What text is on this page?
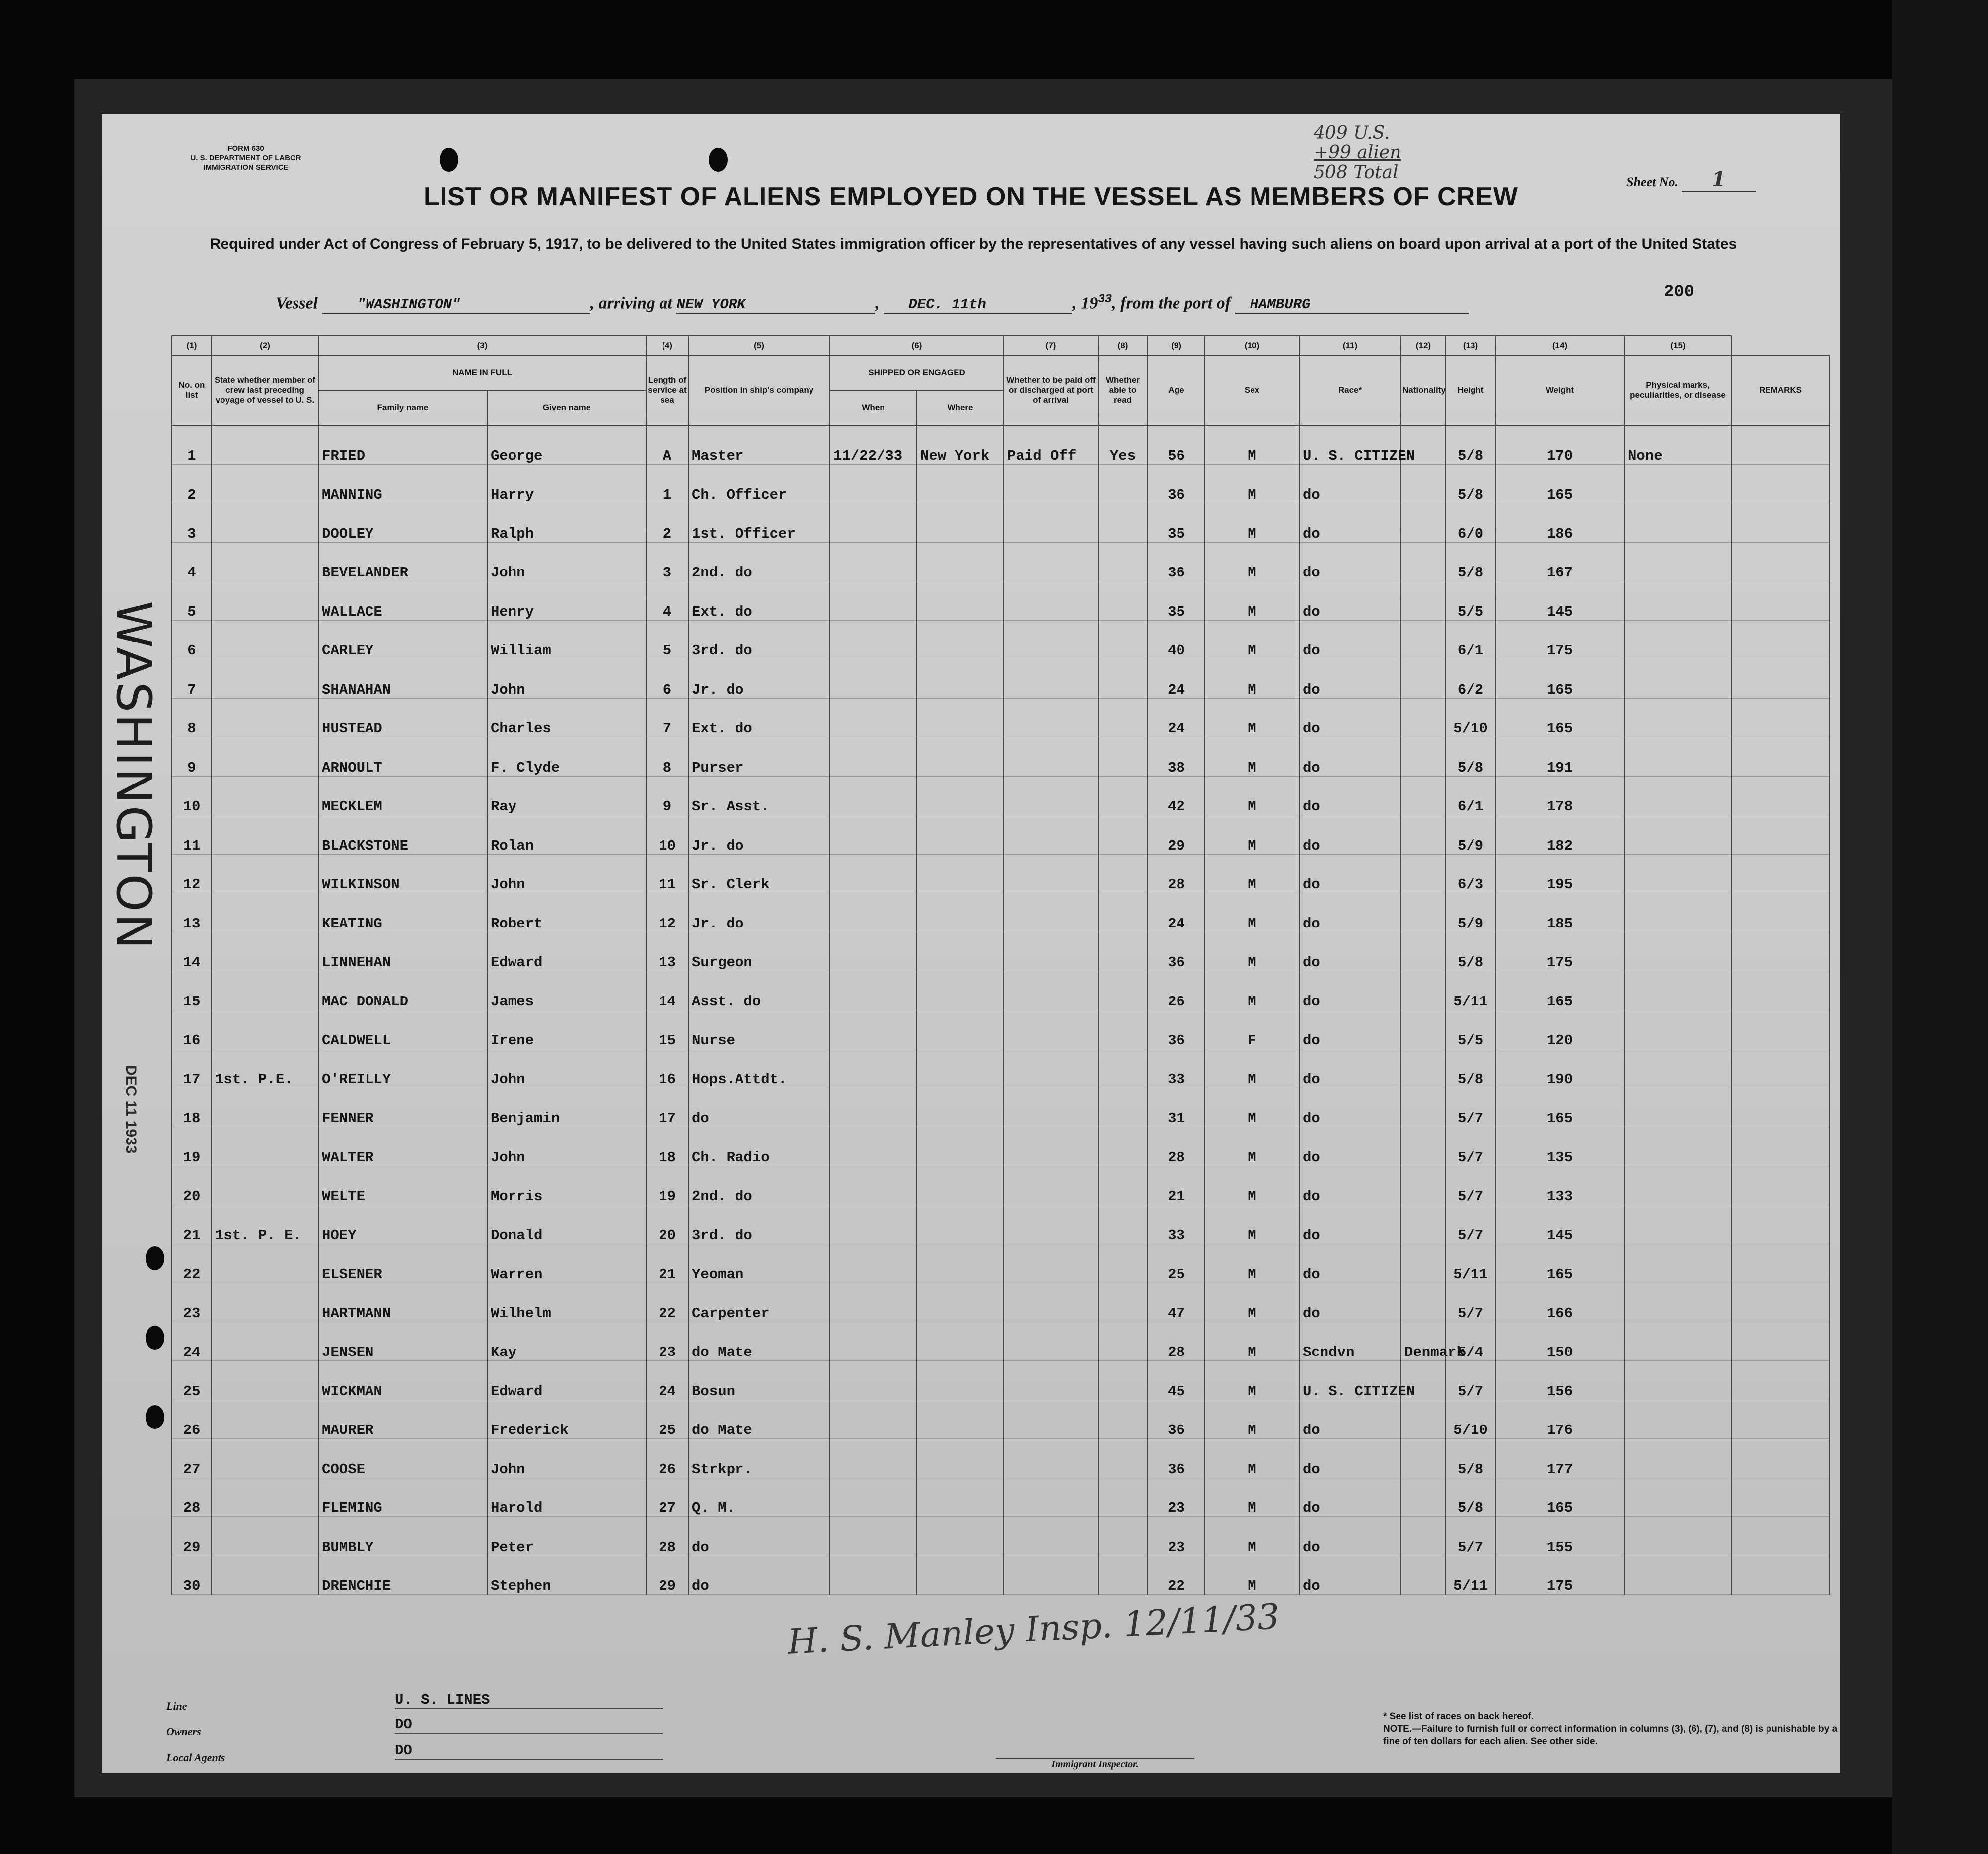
FORM 630
U. S. DEPARTMENT OF LABOR
IMMIGRATION SERVICE
409 U.S.
+99 alien
508 Total	Sheet No. 1
LIST OR MANIFEST OF ALIENS EMPLOYED ON THE VESSEL AS MEMBERS OF CREW
Required under Act of Congress of February 5, 1917, to be delivered to the United States immigration officer by the representatives of any vessel having such aliens on board upon arrival at a port of the United States
Vessel	"WASHINGTON"	, arriving at NEW YORK	, DEC. 11th	, $19^{33}$, from the port of HAMBURG
200
WASHINGTON
DEC 11 1933
(1)	(2)	(3)		(4)	(5)	(6)		(7)	(8)	(9)	(10)	(11)	(12)	(13)	(14)	(15)	
No. on list	State whether member of crew last preceding voyage of vessel to U. S.	NAME IN FULL		Length of service at sea	Position in ship's company	SHIPPED OR ENGAGED		Whether to be paid off or discharged at port of arrival	Whether able to read	Age	Sex	Race*	Nationality	Height	Weight	Physical marks, peculiarities, or disease	REMARKS
		Family name	Given name			When	Where										
1		FRIED	George	A	Master	11/22/33	New York	Paid Off	Yes	56	M	U. S. CITIZEN		5/8	170	None	
2		MANNING	Harry	1	Ch. Officer					36	M	do		5/8	165		
3		DOOLEY	Ralph	2	1st. Officer					35	M	do		6/0	186		
4		BEVELANDER	John	3	2nd. do					36	M	do		5/8	167		
5		WALLACE	Henry	4	Ext. do					35	M	do		5/5	145		
6		CARLEY	William	5	3rd. do					40	M	do		6/1	175		
7		SHANAHAN	John	6	Jr. do					24	M	do		6/2	165		
8		HUSTEAD	Charles	7	Ext. do					24	M	do		5/10	165		
9		ARNOULT	F. Clyde	8	Purser					38	M	do		5/8	191		
10		MECKLEM	Ray	9	Sr. Asst.					42	M	do		6/1	178		
11		BLACKSTONE	Rolan	10	Jr. do					29	M	do		5/9	182		
12		WILKINSON	John	11	Sr. Clerk					28	M	do		6/3	195		
13		KEATING	Robert	12	Jr. do					24	M	do		5/9	185		
14		LINNEHAN	Edward	13	Surgeon					36	M	do		5/8	175		
15		MAC DONALD	James	14	Asst. do					26	M	do		5/11	165		
16		CALDWELL	Irene	15	Nurse					36	F	do		5/5	120		
17	1st. P.E.	O'REILLY	John	16	Hops.Attdt.					33	M	do		5/8	190		
18		FENNER	Benjamin	17	do					31	M	do		5/7	165		
19		WALTER	John	18	Ch. Radio					28	M	do		5/7	135		
20		WELTE	Morris	19	2nd. do					21	M	do		5/7	133		
21	1st. P. E.	HOEY	Donald	20	3rd. do					33	M	do		5/7	145		
22		ELSENER	Warren	21	Yeoman					25	M	do		5/11	165		
23		HARTMANN	Wilhelm	22	Carpenter					47	M	do		5/7	166		
24		JENSEN	Kay	23	do Mate					28	M	Scndvn	Denmark	5/4	150		
25		WICKMAN	Edward	24	Bosun					45	M	U. S. CITIZEN		5/7	156		
26		MAURER	Frederick	25	do Mate					36	M	do		5/10	176		
27		COOSE	John	26	Strkpr.					36	M	do		5/8	177		
28		FLEMING	Harold	27	Q. M.					23	M	do		5/8	165		
29		BUMBLY	Peter	28	do					23	M	do		5/7	155		
30		DRENCHIE	Stephen	29	do					22	M	do		5/11	175		
H. S. Manley Insp. 12/11/33
Line	U. S. LINES
Owners	DO
Local Agents	DO
Immigrant Inspector.
* See list of races on back hereof.
NOTE.—Failure to furnish full or correct information in columns (3), (6), (7), and (8) is punishable by a fine of ten dollars for each alien. See other side.
